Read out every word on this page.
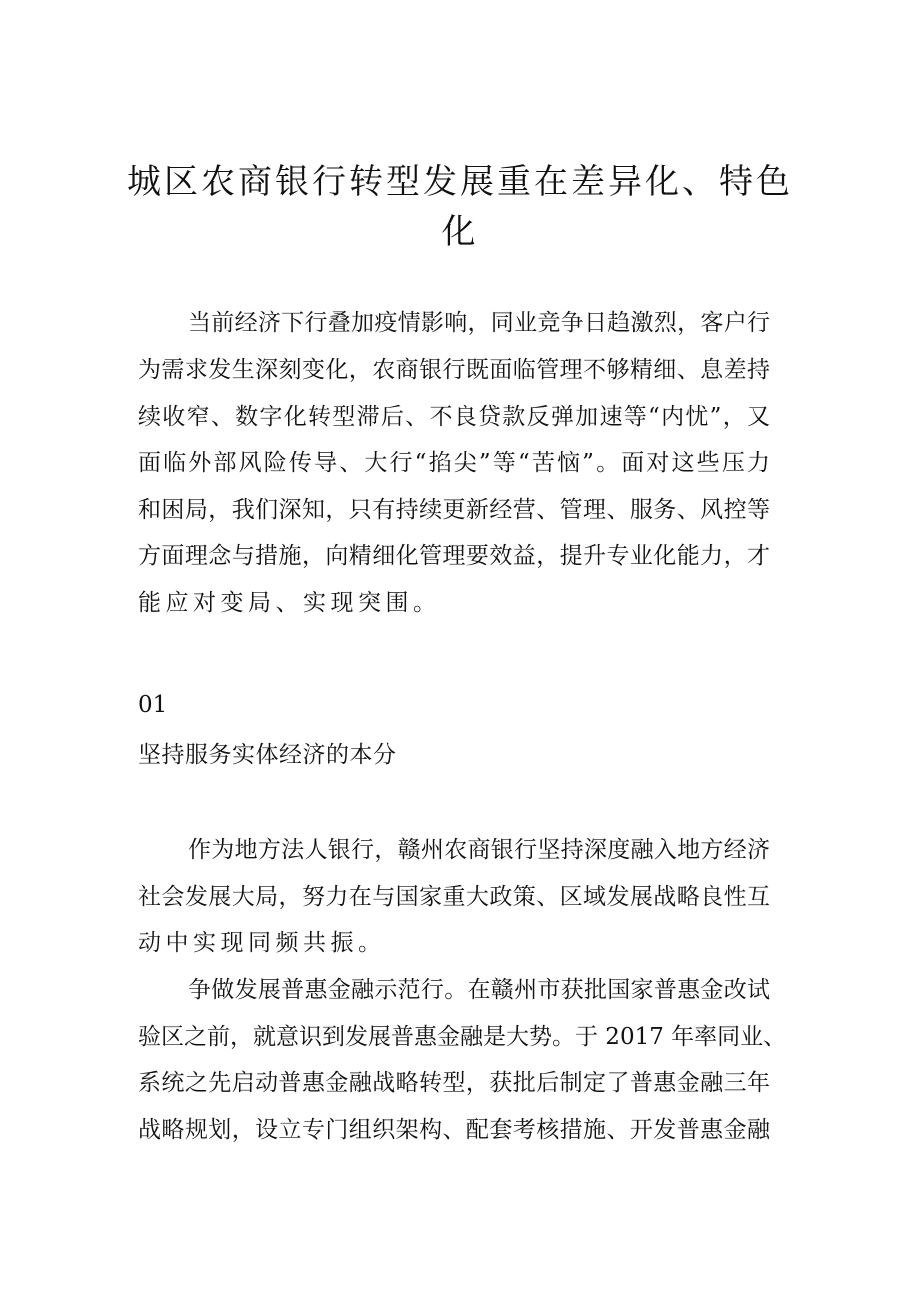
城区农商银行转型发展重在差异化、特色
化
当前经济下行叠加疫情影响，同业竞争日趋激烈，客户行
为需求发生深刻变化，农商银行既面临管理不够精细、息差持
续收窄、数字化转型滞后、不良贷款反弹加速等“内忧”，又
面临外部风险传导、大行“掐尖”等“苦恼”。面对这些压力
和困局，我们深知，只有持续更新经营、管理、服务、风控等
方面理念与措施，向精细化管理要效益，提升专业化能力，才
能应对变局、实现突围。
01
坚持服务实体经济的本分
作为地方法人银行，赣州农商银行坚持深度融入地方经济
社会发展大局，努力在与国家重大政策、区域发展战略良性互
动中实现同频共振。
争做发展普惠金融示范行。在赣州市获批国家普惠金改试
验区之前，就意识到发展普惠金融是大势。于 2017 年率同业、
系统之先启动普惠金融战略转型，获批后制定了普惠金融三年
战略规划，设立专门组织架构、配套考核措施、开发普惠金融
